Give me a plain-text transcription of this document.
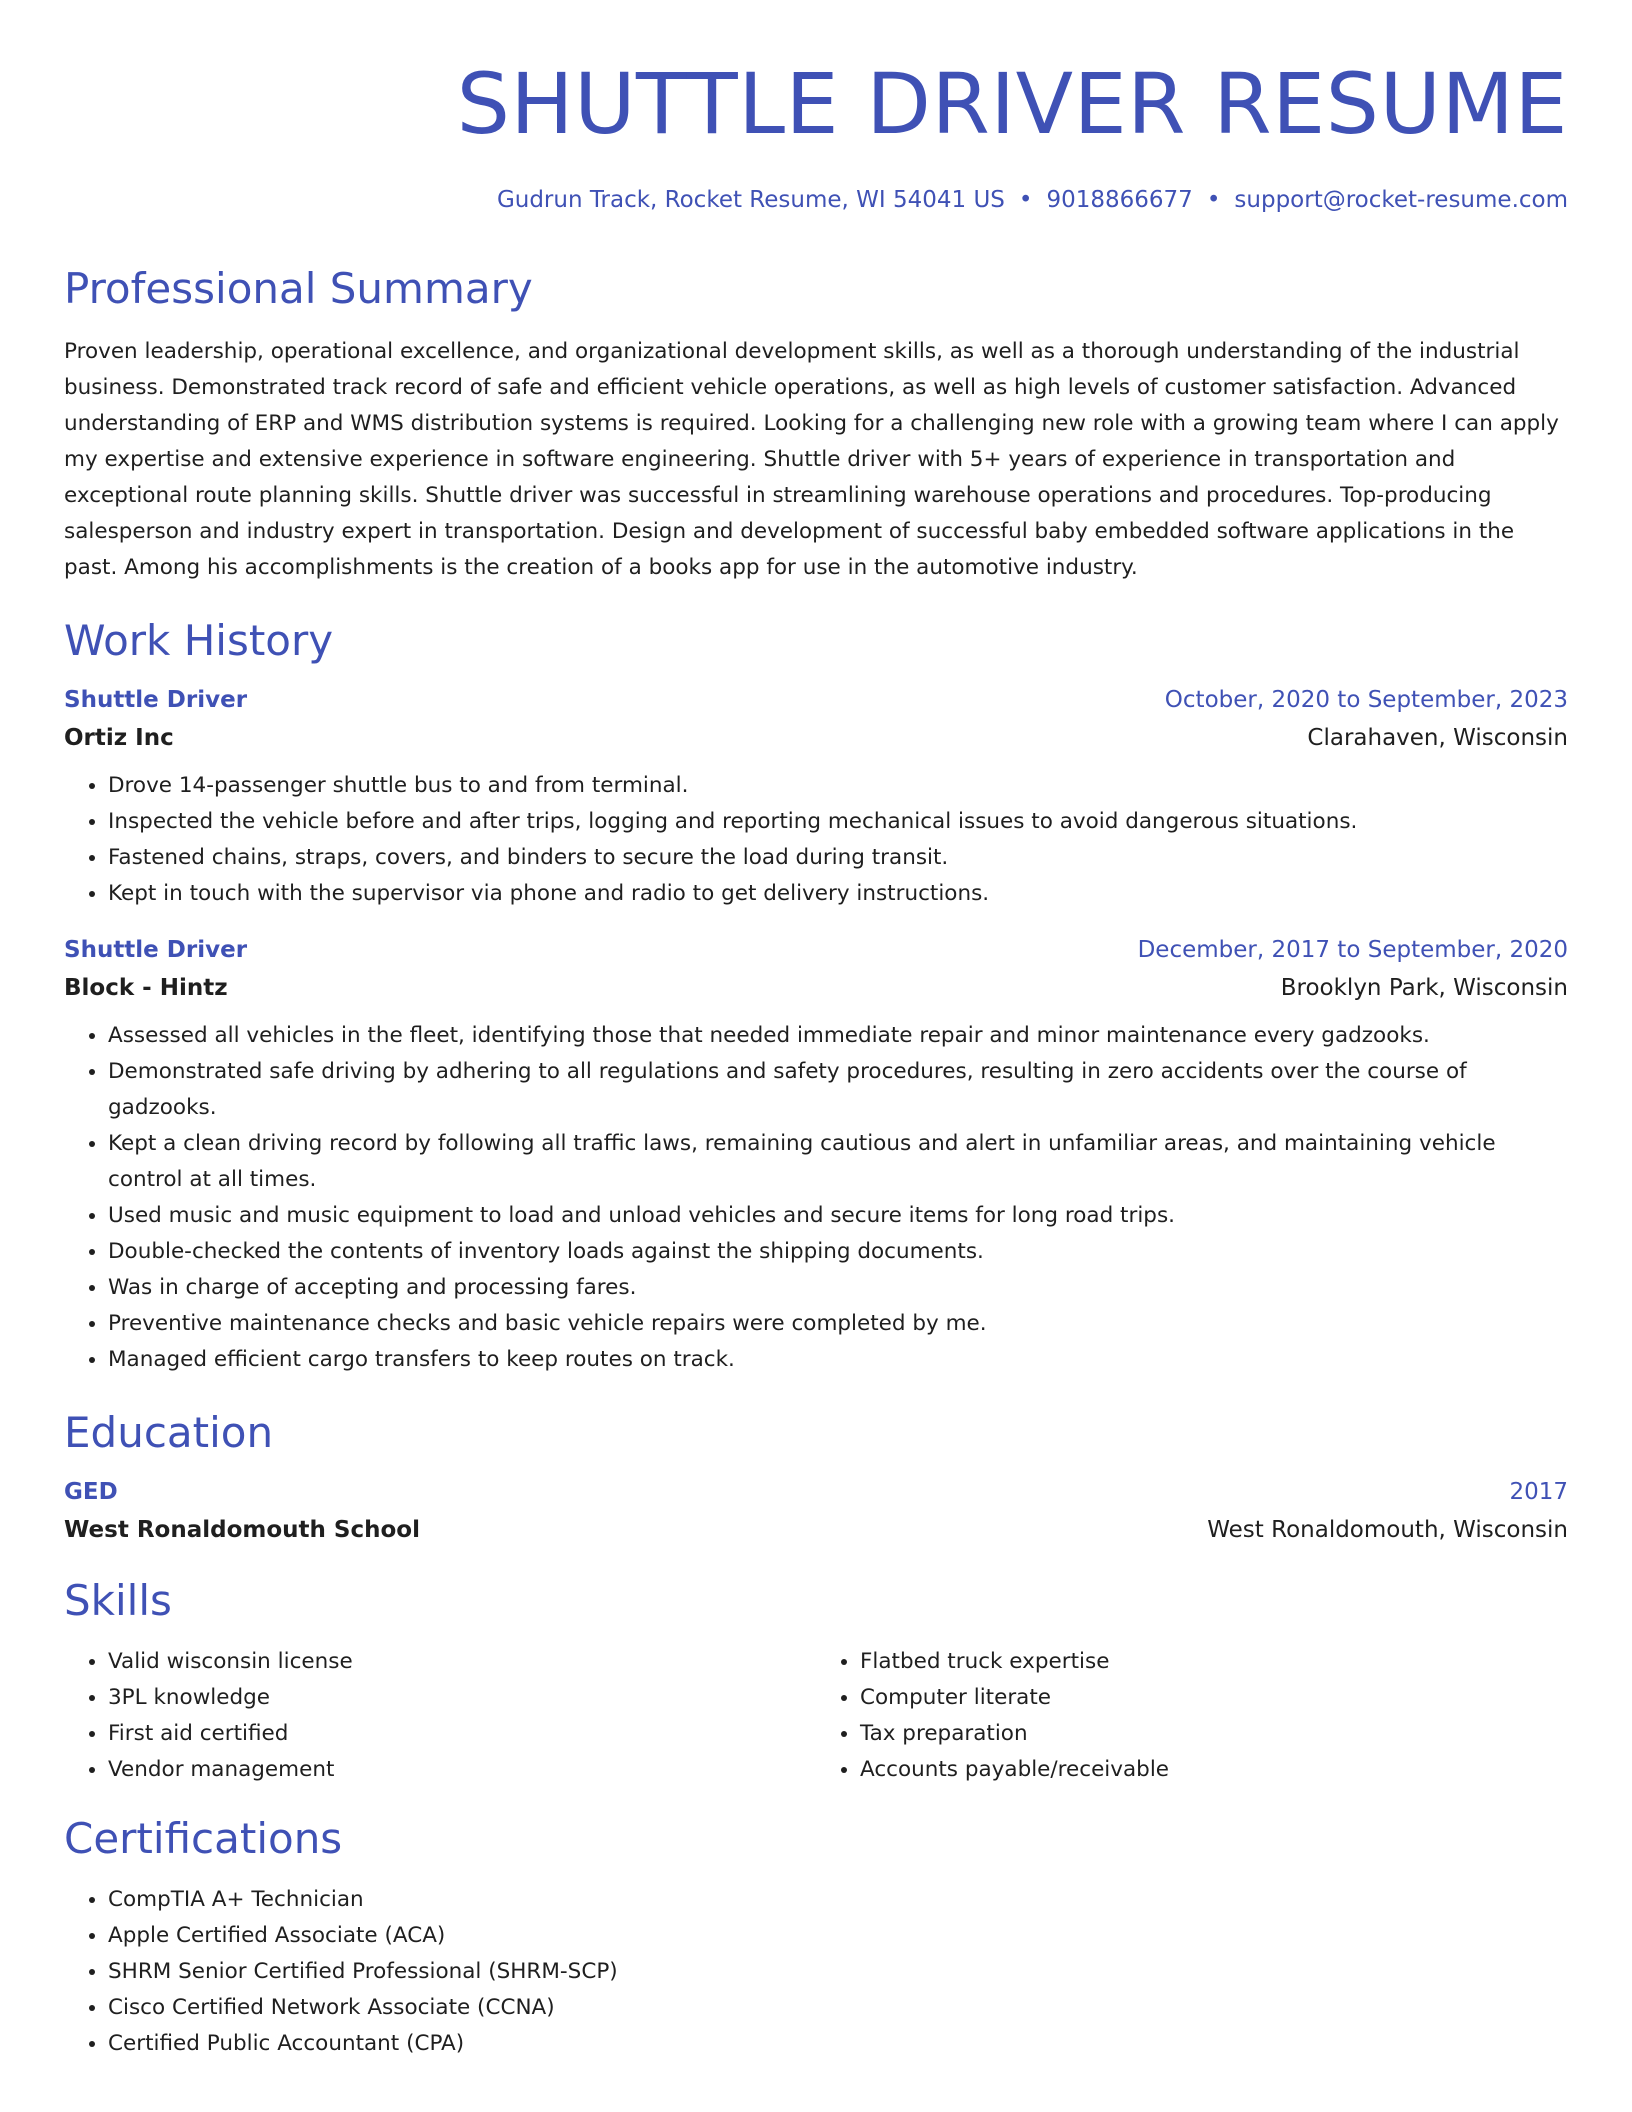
SHUTTLE DRIVER RESUME
Gudrun Track, Rocket Resume, WI 54041 US • 9018866677 • support@rocket-resume.com
Professional Summary

Proven leadership, operational excellence, and organizational development skills, as well as a thorough understanding of the industrial business. Demonstrated track record of safe and efficient vehicle operations, as well as high levels of customer satisfaction. Advanced understanding of ERP and WMS distribution systems is required. Looking for a challenging new role with a growing team where I can apply my expertise and extensive experience in software engineering. Shuttle driver with 5+ years of experience in transportation and exceptional route planning skills. Shuttle driver was successful in streamlining warehouse operations and procedures. Top-producing salesperson and industry expert in transportation. Design and development of successful baby embedded software applications in the past. Among his accomplishments is the creation of a books app for use in the automotive industry.

Work History
Shuttle Driver	October, 2020 to September, 2023
Ortiz Inc	Clarahaven, Wisconsin
• Drove 14-passenger shuttle bus to and from terminal.
• Inspected the vehicle before and after trips, logging and reporting mechanical issues to avoid dangerous situations.
• Fastened chains, straps, covers, and binders to secure the load during transit.
• Kept in touch with the supervisor via phone and radio to get delivery instructions.
Shuttle Driver	December, 2017 to September, 2020
Block - Hintz	Brooklyn Park, Wisconsin
• Assessed all vehicles in the fleet, identifying those that needed immediate repair and minor maintenance every gadzooks.
• Demonstrated safe driving by adhering to all regulations and safety procedures, resulting in zero accidents over the course of gadzooks.
• Kept a clean driving record by following all traffic laws, remaining cautious and alert in unfamiliar areas, and maintaining vehicle control at all times.
• Used music and music equipment to load and unload vehicles and secure items for long road trips.
• Double-checked the contents of inventory loads against the shipping documents.
• Was in charge of accepting and processing fares.
• Preventive maintenance checks and basic vehicle repairs were completed by me.
• Managed efficient cargo transfers to keep routes on track.
Education
GED	2017
West Ronaldomouth School	West Ronaldomouth, Wisconsin
Skills
• Valid wisconsin license
• 3PL knowledge
• First aid certified
• Vendor management
• Flatbed truck expertise
• Computer literate
• Tax preparation
• Accounts payable/receivable
Certifications
• CompTIA A+ Technician
• Apple Certified Associate (ACA)
• SHRM Senior Certified Professional (SHRM-SCP)
• Cisco Certified Network Associate (CCNA)
• Certified Public Accountant (CPA)
